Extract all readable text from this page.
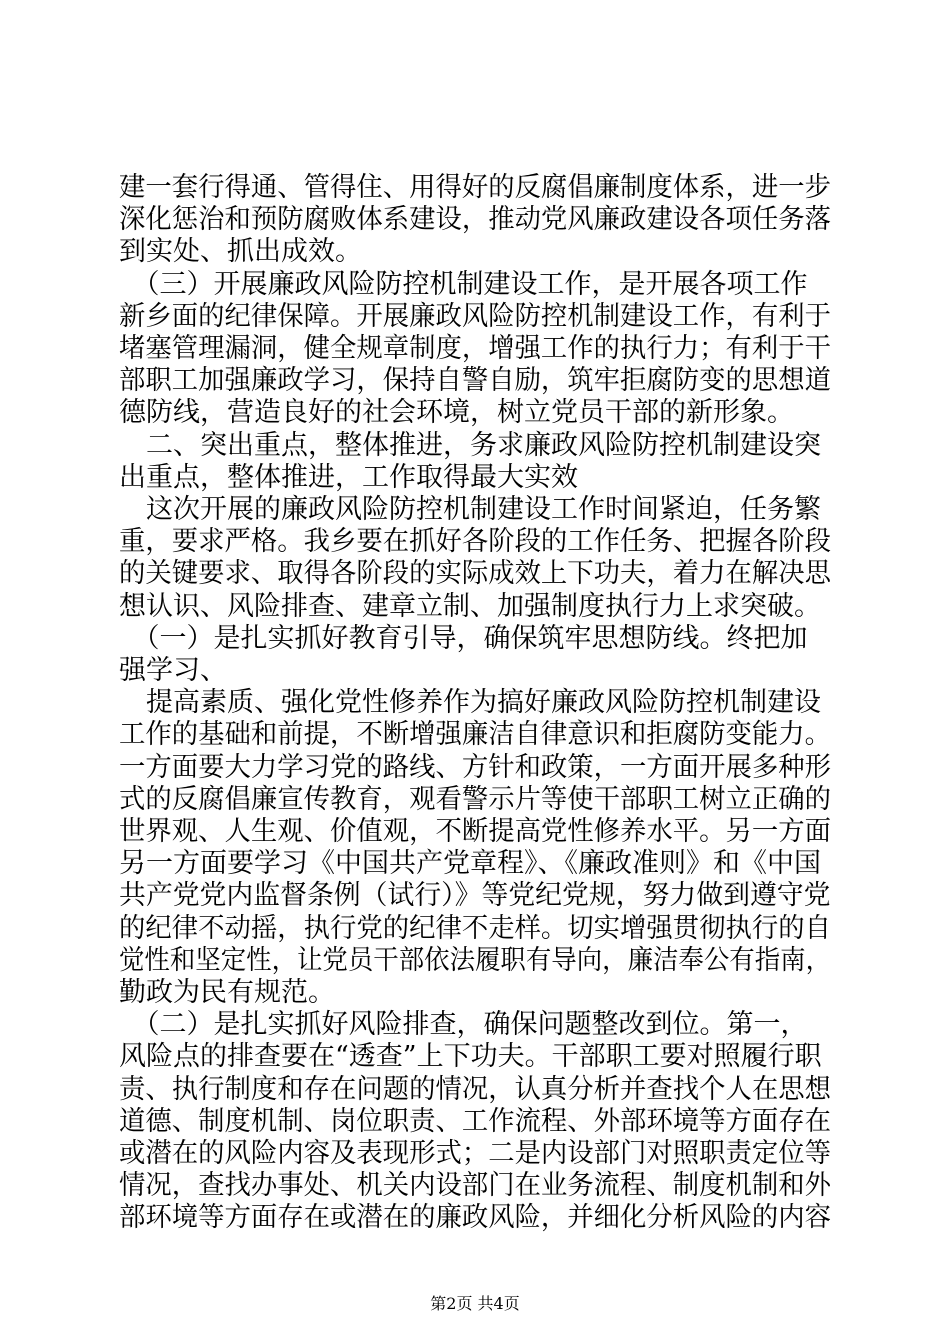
建一套行得通、管得住、用得好的反腐倡廉制度体系，进一步
深化惩治和预防腐败体系建设，推动党风廉政建设各项任务落
到实处、抓出成效。
　（三）开展廉政风险防控机制建设工作，是开展各项工作
新乡面的纪律保障。开展廉政风险防控机制建设工作，有利于
堵塞管理漏洞，健全规章制度，增强工作的执行力；有利于干
部职工加强廉政学习，保持自警自励，筑牢拒腐防变的思想道
德防线，营造良好的社会环境，树立党员干部的新形象。
　二、突出重点，整体推进，务求廉政风险防控机制建设突
出重点，整体推进，工作取得最大实效
　这次开展的廉政风险防控机制建设工作时间紧迫，任务繁
重，要求严格。我乡要在抓好各阶段的工作任务、把握各阶段
的关键要求、取得各阶段的实际成效上下功夫，着力在解决思
想认识、风险排查、建章立制、加强制度执行力上求突破。
　（一）是扎实抓好教育引导，确保筑牢思想防线。终把加
强学习、
　提高素质、强化党性修养作为搞好廉政风险防控机制建设
工作的基础和前提，不断增强廉洁自律意识和拒腐防变能力。
一方面要大力学习党的路线、方针和政策，一方面开展多种形
式的反腐倡廉宣传教育，观看警示片等使干部职工树立正确的
世界观、人生观、价值观，不断提高党性修养水平。另一方面
另一方面要学习《中国共产党章程》、《廉政准则》和《中国
共产党党内监督条例（试行）》等党纪党规，努力做到遵守党
的纪律不动摇，执行党的纪律不走样。切实增强贯彻执行的自
觉性和坚定性，让党员干部依法履职有导向，廉洁奉公有指南，
勤政为民有规范。
　（二）是扎实抓好风险排查，确保问题整改到位。第一，
风险点的排查要在“透查”上下功夫。干部职工要对照履行职
责、执行制度和存在问题的情况，认真分析并查找个人在思想
道德、制度机制、岗位职责、工作流程、外部环境等方面存在
或潜在的风险内容及表现形式；二是内设部门对照职责定位等
情况，查找办事处、机关内设部门在业务流程、制度机制和外
部环境等方面存在或潜在的廉政风险，并细化分析风险的内容
第2页 共4页
